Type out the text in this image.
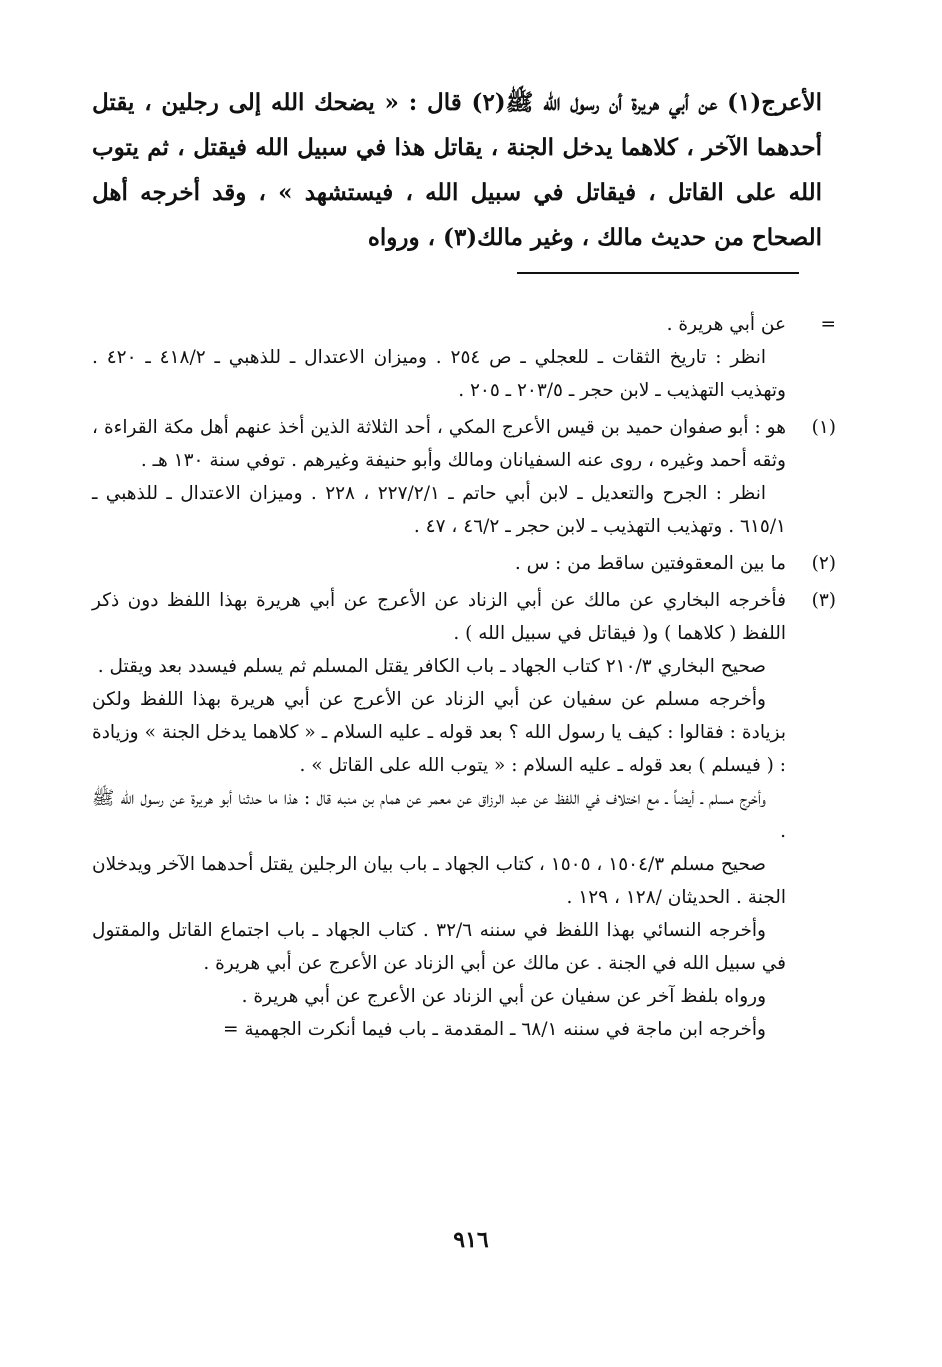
الأعرج(١) عن أبي هريرة أن رسول الله ﷺ(٢) قال : « يضحك الله إلى رجلين ، يقتل أحدهما الآخر ، كلاهما يدخل الجنة ، يقاتل هذا في سبيل الله فيقتل ، ثم يتوب الله على القاتل ، فيقاتل في سبيل الله ، فيستشهد » ، وقد أخرجه أهل الصحاح من حديث مالك ، وغير مالك(٣) ، ورواه

=

عن أبي هريرة .

انظر : تاريخ الثقات ـ للعجلي ـ ص ٢٥٤ . وميزان الاعتدال ـ للذهبي ـ ٤١٨/٢ ـ ٤٢٠ . وتهذيب التهذيب ـ لابن حجر ـ ٢٠٣/٥ ـ ٢٠٥ .

(١)

هو : أبو صفوان حميد بن قيس الأعرج المكي ، أحد الثلاثة الذين أخذ عنهم أهل مكة القراءة ، وثقه أحمد وغيره ، روى عنه السفيانان ومالك وأبو حنيفة وغيرهم . توفي سنة ١٣٠ هـ .

انظر : الجرح والتعديل ـ لابن أبي حاتم ـ ٢٢٧/٢/١ ، ٢٢٨ . وميزان الاعتدال ـ للذهبي ـ ٦١٥/١ . وتهذيب التهذيب ـ لابن حجر ـ ٤٦/٢ ، ٤٧ .

(٢)

ما بين المعقوفتين ساقط من : س .

(٣)

فأخرجه البخاري عن مالك عن أبي الزناد عن الأعرج عن أبي هريرة بهذا اللفظ دون ذكر اللفظ ( كلاهما ) و( فيقاتل في سبيل الله ) .

صحيح البخاري ٢١٠/٣ كتاب الجهاد ـ باب الكافر يقتل المسلم ثم يسلم فيسدد بعد ويقتل .

وأخرجه مسلم عن سفيان عن أبي الزناد عن الأعرج عن أبي هريرة بهذا اللفظ ولكن بزيادة : فقالوا : كيف يا رسول الله ؟ بعد قوله ـ عليه السلام ـ « كلاهما يدخل الجنة » وزيادة : ( فيسلم ) بعد قوله ـ عليه السلام : « يتوب الله على القاتل » .

وأخرج مسلم ـ أيضاً ـ مع اختلاف في اللفظ عن عبد الرزاق عن معمر عن همام بن منبه قال : هذا ما حدثنا أبو هريرة عن رسول الله ﷺ .

صحيح مسلم ١٥٠٤/٣ ، ١٥٠٥ ، كتاب الجهاد ـ باب بيان الرجلين يقتل أحدهما الآخر ويدخلان الجنة . الحديثان /١٢٨ ، ١٢٩ .

وأخرجه النسائي بهذا اللفظ في سننه ٣٢/٦ . كتاب الجهاد ـ باب اجتماع القاتل والمقتول في سبيل الله في الجنة . عن مالك عن أبي الزناد عن الأعرج عن أبي هريرة .

ورواه بلفظ آخر عن سفيان عن أبي الزناد عن الأعرج عن أبي هريرة .

وأخرجه ابن ماجة في سننه ٦٨/١ ـ المقدمة ـ باب فيما أنكرت الجهمية =

٩١٦
